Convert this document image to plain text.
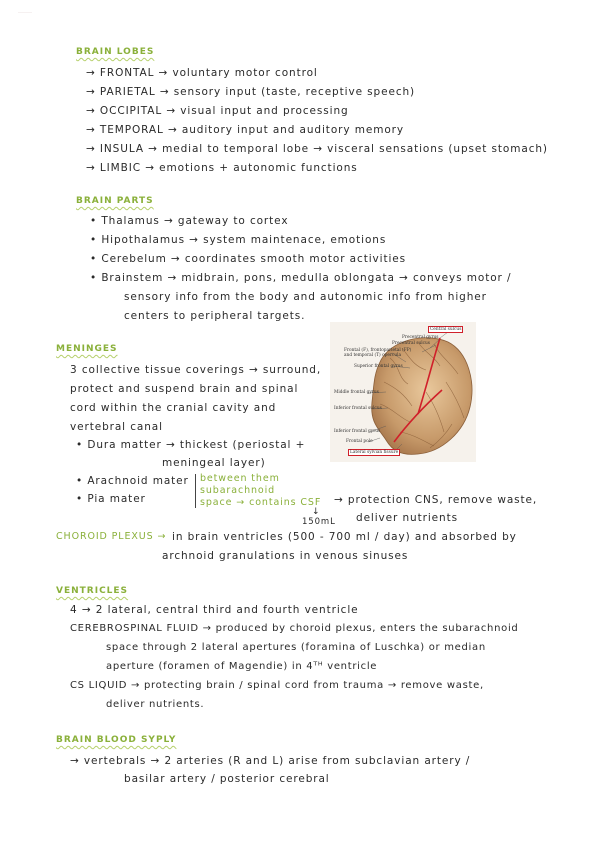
BRAIN LOBES
→ FRONTAL → voluntary motor control
→ PARIETAL → sensory input (taste, receptive speech)
→ OCCIPITAL → visual input and processing
→ TEMPORAL → auditory input and auditory memory
→ INSULA → medial to temporal lobe → visceral sensations (upset stomach)
→ LIMBIC → emotions + autonomic functions
BRAIN PARTS
• Thalamus → gateway to cortex
• Hipothalamus → system maintenace, emotions
• Cerebelum → coordinates smooth motor activities
• Brainstem → midbrain, pons, medulla oblongata → conveys motor /
sensory info from the body and autonomic info from higher
centers to peripheral targets.
MENINGES
3 collective tissue coverings → surround,
protect and suspend brain and spinal
cord within the cranial cavity and
vertebral canal
• Dura matter → thickest (periostal +
meningeal layer)
• Arachnoid mater
• Pia mater
between them
subarachnoid
space → contains CSF
↓
150mL
→ protection CNS, remove waste,
deliver nutrients
CHOROID PLEXUS → in brain ventricles (500 - 700 ml / day) and absorbed by
archnoid granulations in venous sinuses
VENTRICLES
4 → 2 lateral, central third and fourth ventricle
CEREBROSPINAL FLUID → produced by choroid plexus, enters the subarachnoid
space through 2 lateral apertures (foramina of Luschka) or median
aperture (foramen of Magendie) in 4ᵀᴴ ventricle
CS LIQUID → protecting brain / spinal cord from trauma → remove waste,
deliver nutrients.
BRAIN BLOOD SYPLY
→ vertebrals → 2 arteries (R and L) arise from subclavian artery /
basilar artery / posterior cerebral
Central sulcus
Precentral gyrus
Precentral sulcus
Frontal (F), frontoparietal (FP)
and temporal (T) opercula
Superior frontal gyrus
Middle frontal gyrus
Inferior frontal sulcus
Inferior frontal gyrus
Frontal pole
Lateral sylvian fissure
